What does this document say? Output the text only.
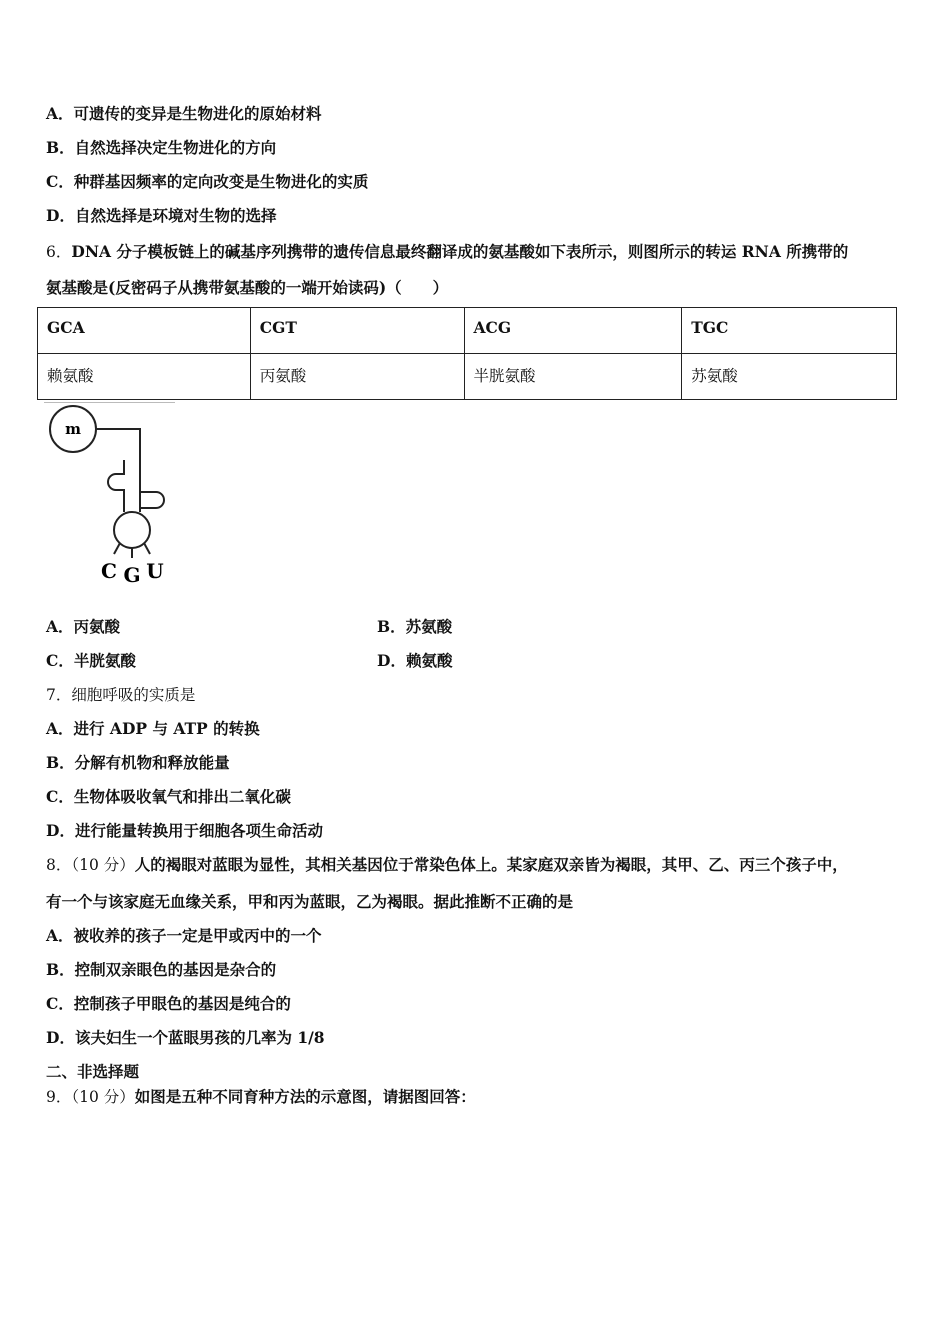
A．可遗传的变异是生物进化的原始材料
B．自然选择决定生物进化的方向
C．种群基因频率的定向改变是生物进化的实质
D．自然选择是环境对生物的选择
6．DNA 分子模板链上的碱基序列携带的遗传信息最终翻译成的氨基酸如下表所示，则图所示的转运 RNA 所携带的
氨基酸是(反密码子从携带氨基酸的一端开始读码)（　　）
GCA	CGT	ACG	TGC
赖氨酸	丙氨酸	半胱氨酸	苏氨酸
m
C G U
A．丙氨酸	B．苏氨酸
C．半胱氨酸	D．赖氨酸
7．细胞呼吸的实质是
A．进行 ADP 与 ATP 的转换
B．分解有机物和释放能量
C．生物体吸收氧气和排出二氧化碳
D．进行能量转换用于细胞各项生命活动
8．（10 分）人的褐眼对蓝眼为显性，其相关基因位于常染色体上。某家庭双亲皆为褐眼，其甲、乙、丙三个孩子中，
有一个与该家庭无血缘关系，甲和丙为蓝眼，乙为褐眼。据此推断不正确的是
A．被收养的孩子一定是甲或丙中的一个
B．控制双亲眼色的基因是杂合的
C．控制孩子甲眼色的基因是纯合的
D．该夫妇生一个蓝眼男孩的几率为 1/8
二、非选择题
9．（10 分）如图是五种不同育种方法的示意图，请据图回答：
